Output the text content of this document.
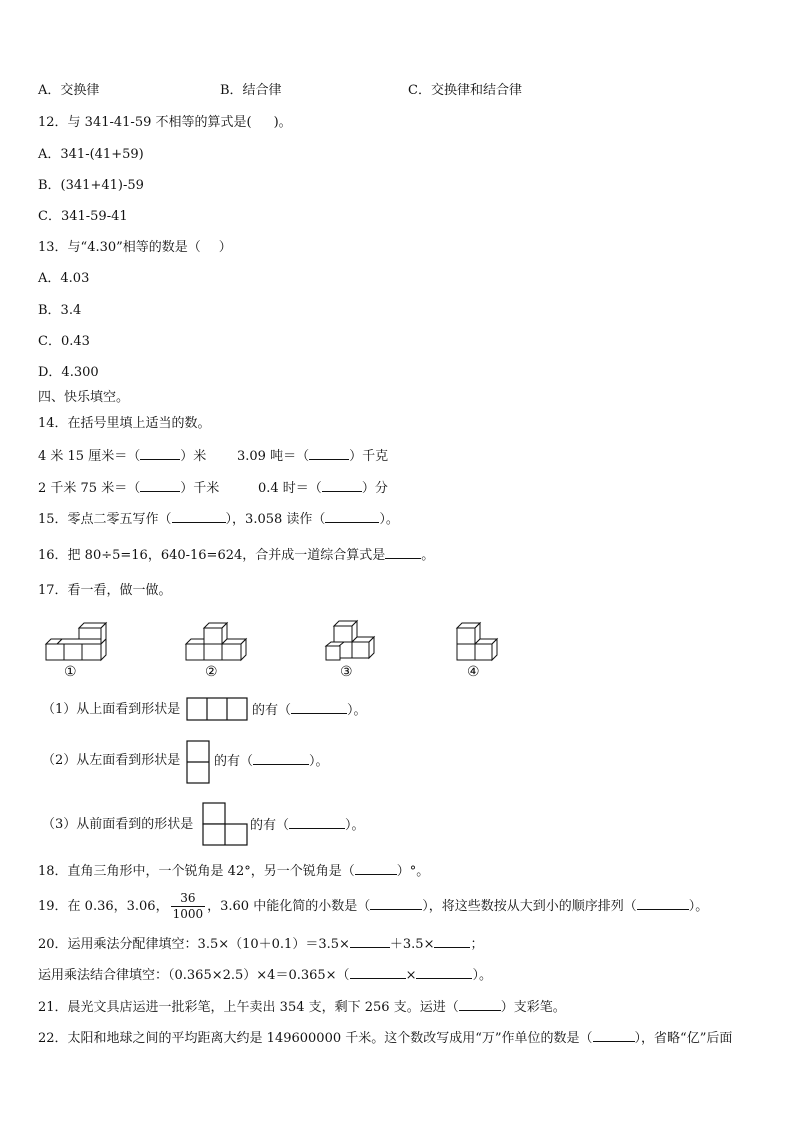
A．交换律	B．结合律	C．交换律和结合律
12．与 341-41-59 不相等的算式是( )。
A．341-(41+59)
B．(341+41)-59
C．341-59-41
13．与“4.30”相等的数是（ ）
A．4.03
B．3.4
C．0.43
D．4.300
四、快乐填空。
14．在括号里填上适当的数。
4 米 15 厘米＝（	）米 3.09 吨＝（	）千克
2 千米 75 米＝（	）千米	0.4 时＝（	）分
15．零点二零五写作（	），3.058 读作（	）。
16．把 80÷5=16，640-16=624，合并成一道综合算式是	。
17．看一看，做一做。
①	②	③	④
（1）从上面看到形状是	的有（	）。
（2）从左面看到形状是	的有（	）。
（3）从前面看到的形状是	的有（	）。
18．直角三角形中，一个锐角是 42°，另一个锐角是（	）°。
19．在 0.36，3.06， $\frac{36}{1000}$ ，3.60 中能化简的小数是（	），将这些数按从大到小的顺序排列（	）。
20．运用乘法分配律填空：3.5×（10＋0.1）＝3.5×	＋3.5×	；
运用乘法结合律填空：（0.365×2.5）×4＝0.365×（	×	）。
21．晨光文具店运进一批彩笔，上午卖出 354 支，剩下 256 支。运进（	）支彩笔。
22．太阳和地球之间的平均距离大约是 149600000 千米。这个数改写成用“万”作单位的数是（	），省略“亿”后面
